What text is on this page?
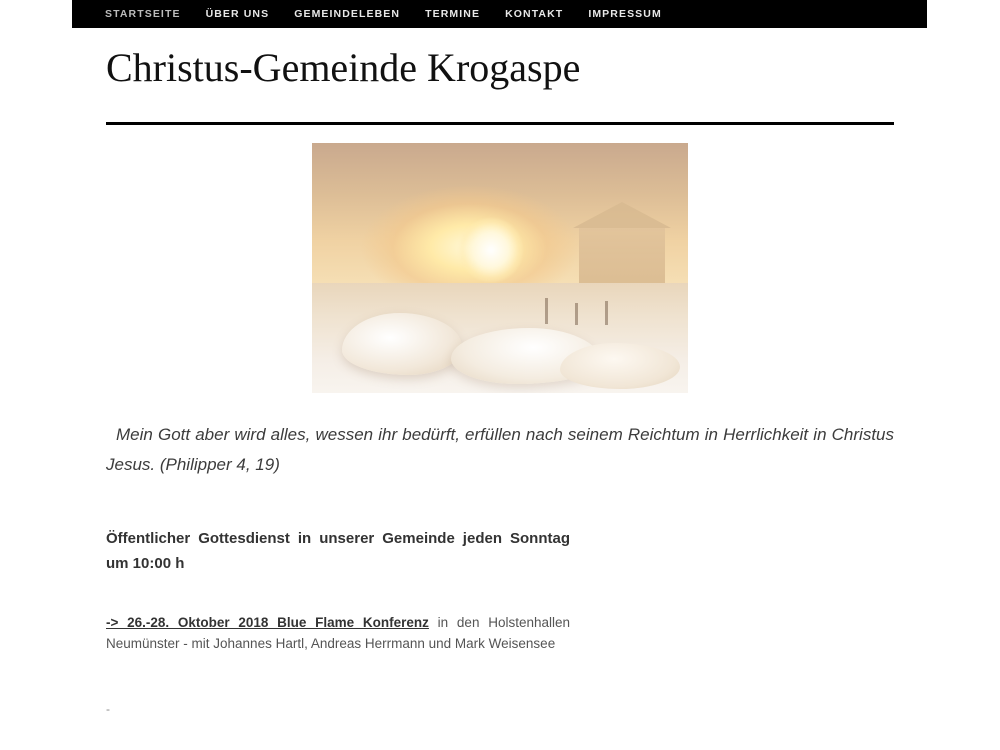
STARTSEITE ÜBER UNS GEMEINDELEBEN TERMINE KONTAKT IMPRESSUM
Christus-Gemeinde Krogaspe

Mein Gott aber wird alles, wessen ihr bedürft, erfüllen nach seinem Reichtum in Herrlichkeit in Christus Jesus. (Philipper 4, 19)

Öffentlicher Gottesdienst in unserer Gemeinde jeden Sonntag um 10:00 h

-> 26.-28. Oktober 2018 Blue Flame Konferenz in den Holstenhallen Neumünster - mit Johannes Hartl, Andreas Herrmann und Mark Weisensee

-
